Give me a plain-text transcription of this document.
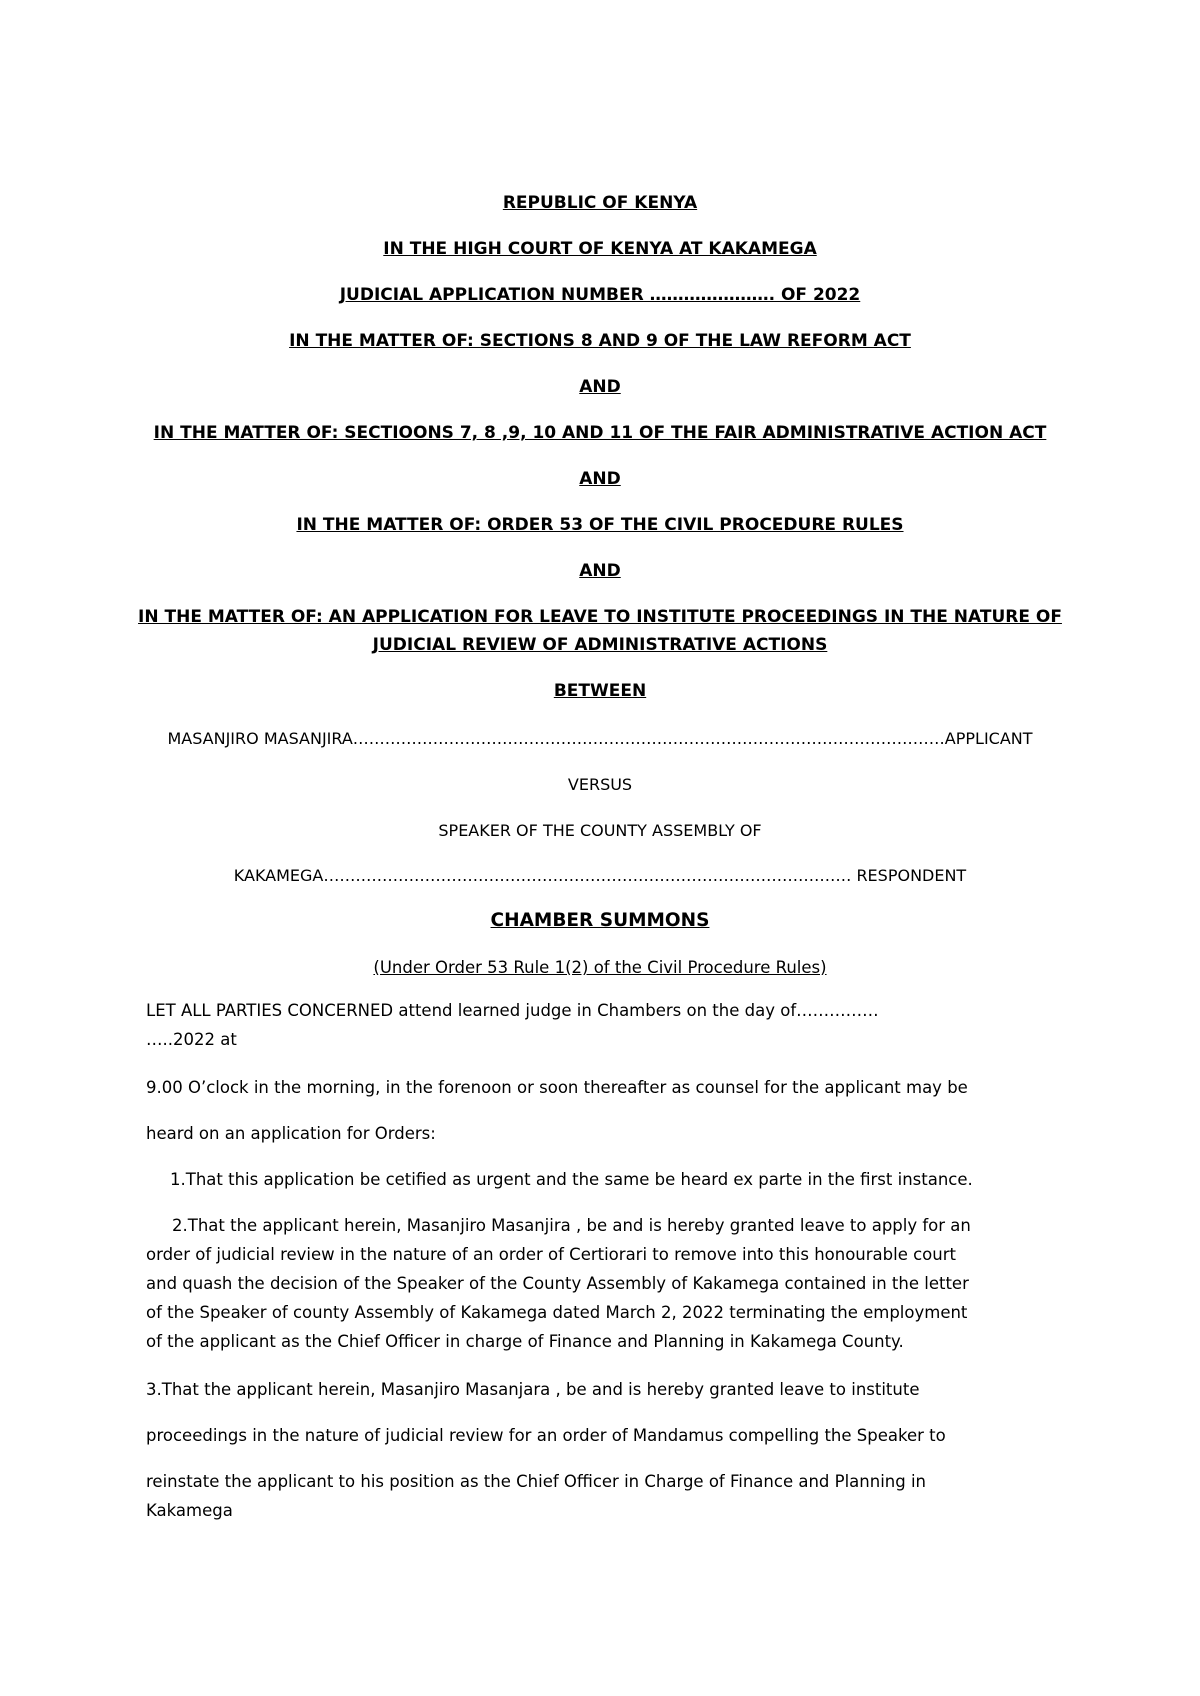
REPUBLIC OF KENYA
IN THE HIGH COURT OF KENYA AT KAKAMEGA
JUDICIAL APPLICATION NUMBER …………………. OF 2022
IN THE MATTER OF: SECTIONS 8 AND 9 OF THE LAW REFORM ACT
AND
IN THE MATTER OF: SECTIOONS 7, 8 ,9, 10 AND 11 OF THE FAIR ADMINISTRATIVE ACTION ACT
AND
IN THE MATTER OF: ORDER 53 OF THE CIVIL PROCEDURE RULES
AND
IN THE MATTER OF: AN APPLICATION FOR LEAVE TO INSTITUTE PROCEEDINGS IN THE NATURE OF
JUDICIAL REVIEW OF ADMINISTRATIVE ACTIONS
BETWEEN
MASANJIRO MASANJIRA…………………………………………………………………………………………………APPLICANT
VERSUS
SPEAKER OF THE COUNTY ASSEMBLY OF
KAKAMEGA……………………………………………………………………………………… RESPONDENT
CHAMBER SUMMONS
(Under Order 53 Rule 1(2) of the Civil Procedure Rules)
LET ALL PARTIES CONCERNED attend learned judge in Chambers on the day of……………
…..2022 at
9.00 O’clock in the morning, in the forenoon or soon thereafter as counsel for the applicant may be
heard on an application for Orders:
1.That this application be cetified as urgent and the same be heard ex parte in the first instance.
2.That the applicant herein, Masanjiro Masanjira , be and is hereby granted leave to apply for an
order of judicial review in the nature of an order of Certiorari to remove into this honourable court
and quash the decision of the Speaker of the County Assembly of Kakamega contained in the letter
of the Speaker of county Assembly of Kakamega dated March 2, 2022 terminating the employment
of the applicant as the Chief Officer in charge of Finance and Planning in Kakamega County.
3.That the applicant herein, Masanjiro Masanjara , be and is hereby granted leave to institute
proceedings in the nature of judicial review for an order of Mandamus compelling the Speaker to
reinstate the applicant to his position as the Chief Officer in Charge of Finance and Planning in
Kakamega
